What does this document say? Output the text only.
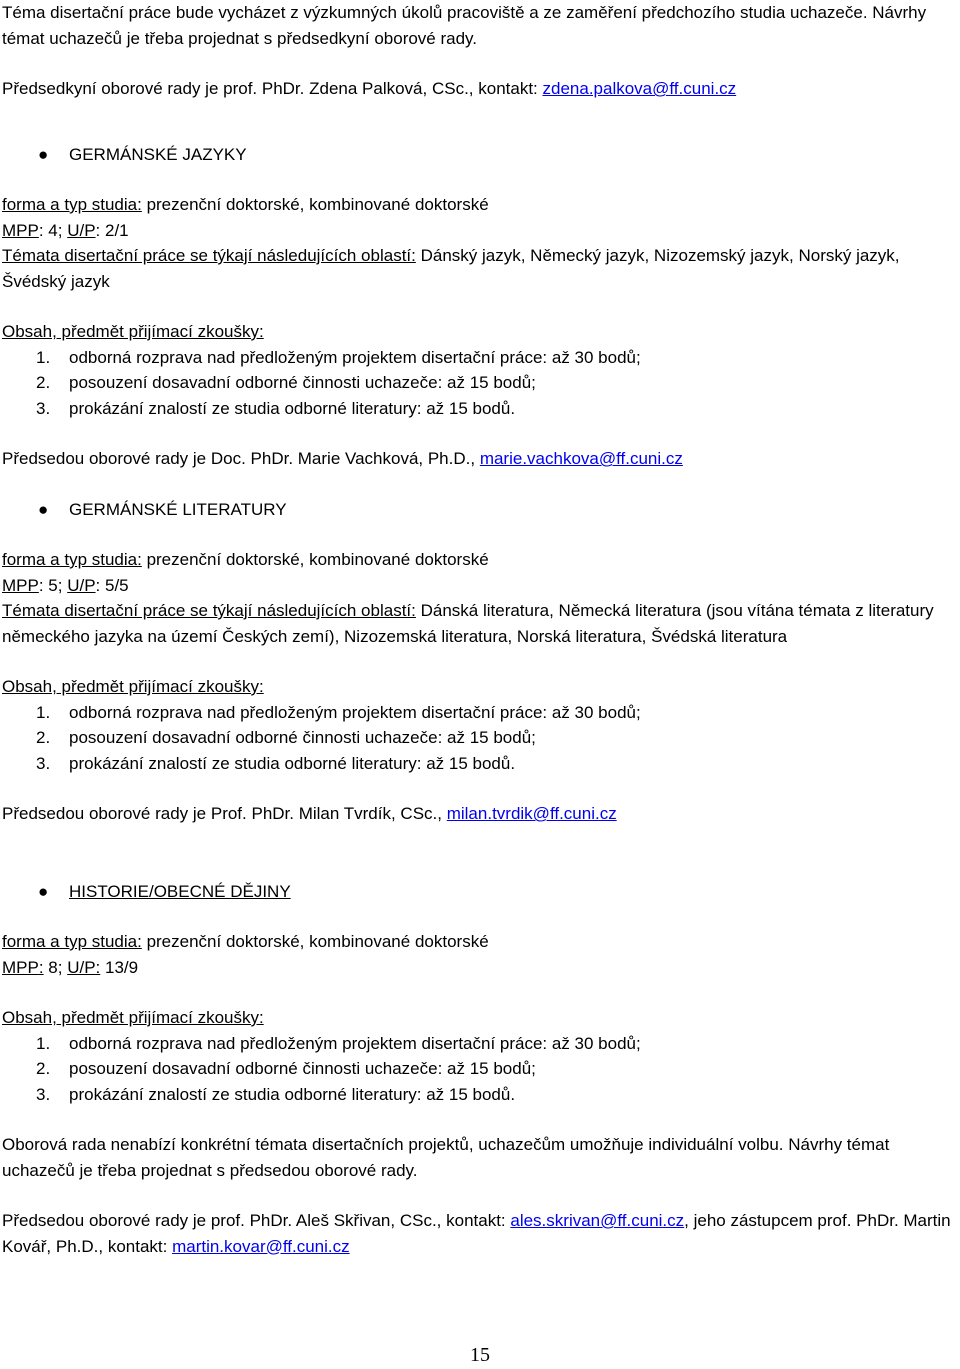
Téma disertační práce bude vycházet z výzkumných úkolů pracoviště a ze zaměření předchozího studia uchazeče. Návrhy témat uchazečů je třeba projednat s předsedkyní oborové rady.

Předsedkyní oborové rady je prof. PhDr. Zdena Palková, CSc., kontakt: zdena.palkova@ff.cuni.cz

● GERMÁNSKÉ JAZYKY

forma a typ studia: prezenční doktorské, kombinované doktorské

MPP: 4; U/P: 2/1

Témata disertační práce se týkají následujících oblastí: Dánský jazyk, Německý jazyk, Nizozemský jazyk, Norský jazyk, Švédský jazyk

Obsah, předmět přijímací zkoušky:

1. odborná rozprava nad předloženým projektem disertační práce: až 30 bodů;
2. posouzení dosavadní odborné činnosti uchazeče: až 15 bodů;
3. prokázání znalostí ze studia odborné literatury: až 15 bodů.

Předsedou oborové rady je Doc. PhDr. Marie Vachková, Ph.D., marie.vachkova@ff.cuni.cz

● GERMÁNSKÉ LITERATURY

forma a typ studia: prezenční doktorské, kombinované doktorské

MPP: 5; U/P: 5/5

Témata disertační práce se týkají následujících oblastí: Dánská literatura, Německá literatura (jsou vítána témata z literatury německého jazyka na území Českých zemí), Nizozemská literatura, Norská literatura, Švédská literatura

Obsah, předmět přijímací zkoušky:

1. odborná rozprava nad předloženým projektem disertační práce: až 30 bodů;
2. posouzení dosavadní odborné činnosti uchazeče: až 15 bodů;
3. prokázání znalostí ze studia odborné literatury: až 15 bodů.

Předsedou oborové rady je Prof. PhDr. Milan Tvrdík, CSc., milan.tvrdik@ff.cuni.cz

● HISTORIE/OBECNÉ DĚJINY

forma a typ studia: prezenční doktorské, kombinované doktorské

MPP: 8; U/P: 13/9

Obsah, předmět přijímací zkoušky:

1. odborná rozprava nad předloženým projektem disertační práce: až 30 bodů;
2. posouzení dosavadní odborné činnosti uchazeče: až 15 bodů;
3. prokázání znalostí ze studia odborné literatury: až 15 bodů.

Oborová rada nenabízí konkrétní témata disertačních projektů, uchazečům umožňuje individuální volbu. Návrhy témat uchazečů je třeba projednat s předsedou oborové rady.

Předsedou oborové rady je prof. PhDr. Aleš Skřivan, CSc., kontakt: ales.skrivan@ff.cuni.cz, jeho zástupcem prof. PhDr. Martin Kovář, Ph.D., kontakt: martin.kovar@ff.cuni.cz

15
